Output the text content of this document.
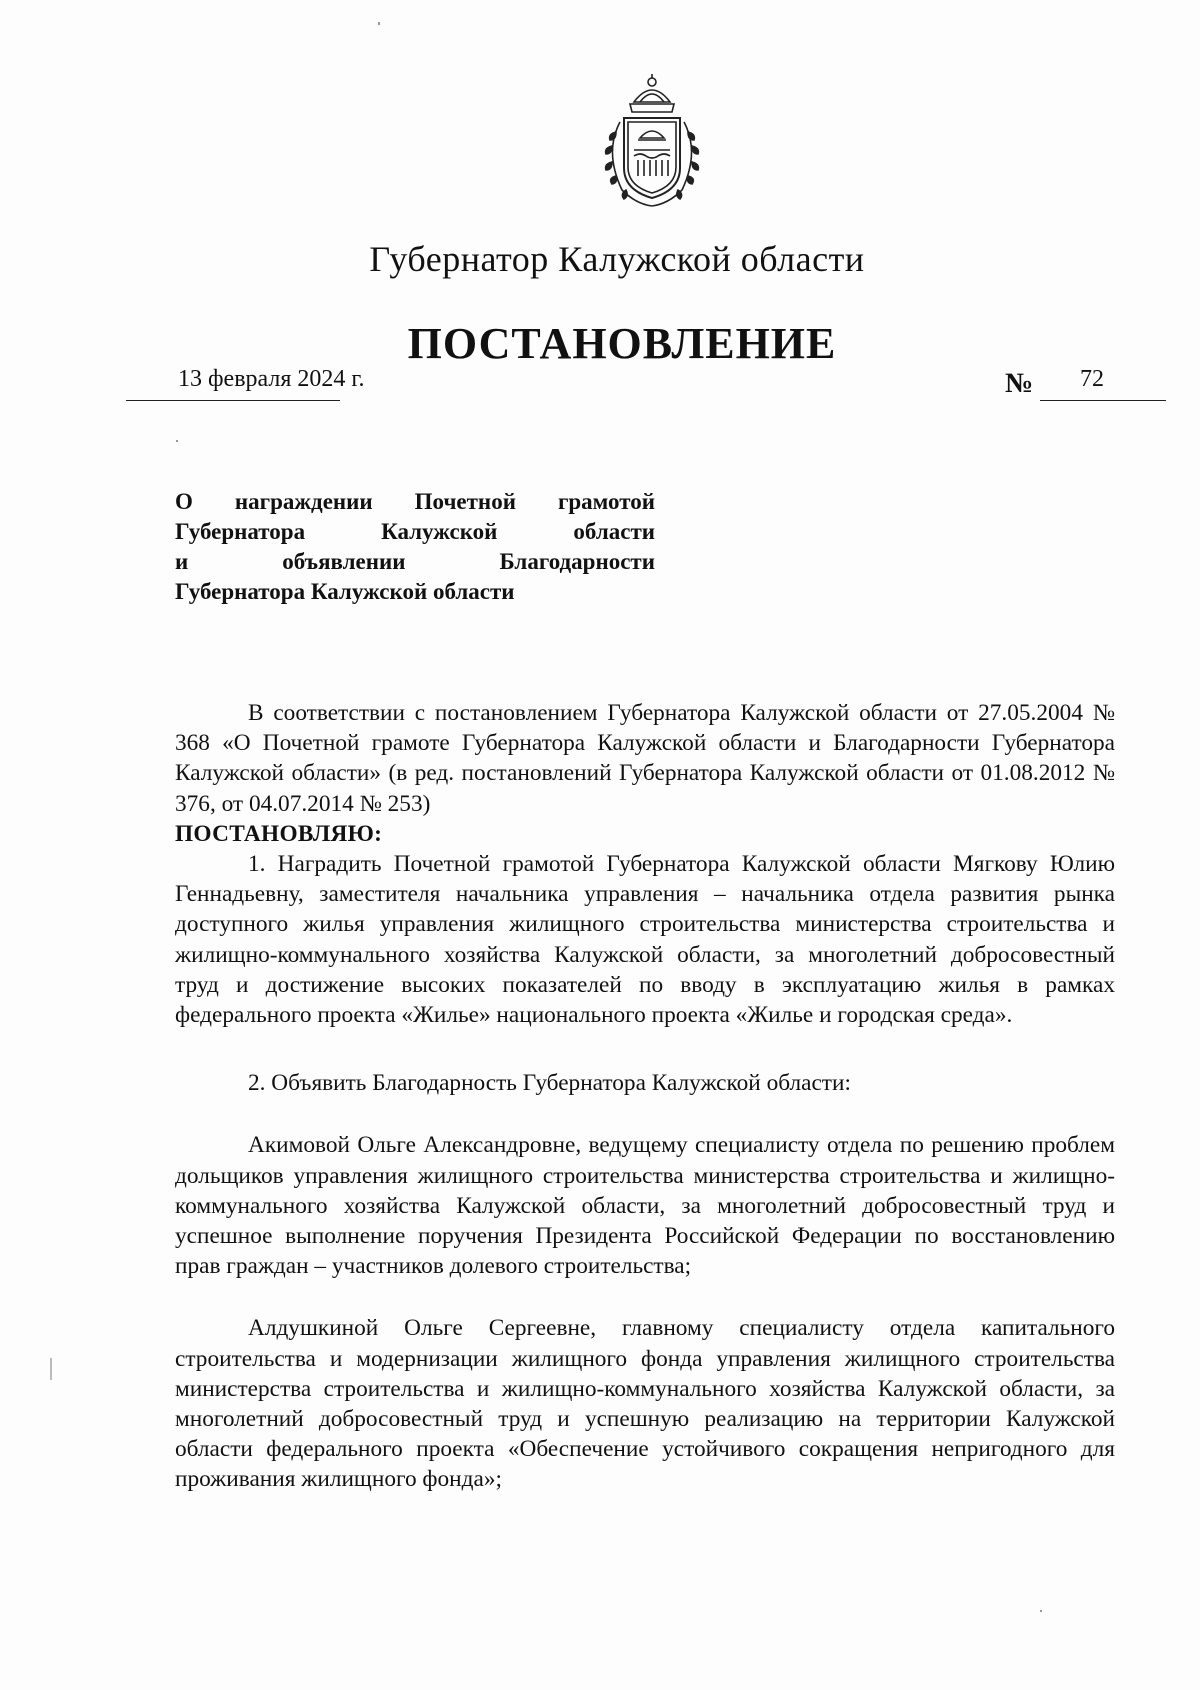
Губернатор Калужской области
ПОСТАНОВЛЕНИЕ
13 февраля 2024 г.	№ 72
О награждении Почетной грамотой
Губернатора Калужской области
и объявлении Благодарности
Губернатора Калужской области

В соответствии с постановлением Губернатора Калужской области от 27.05.2004 № 368 «О Почетной грамоте Губернатора Калужской области и Благодарности Губернатора Калужской области» (в ред. постановлений Губернатора Калужской области от 01.08.2012 № 376, от 04.07.2014 № 253)

ПОСТАНОВЛЯЮ:

1. Наградить Почетной грамотой Губернатора Калужской области Мягкову Юлию Геннадьевну, заместителя начальника управления – начальника отдела развития рынка доступного жилья управления жилищного строительства министерства строительства и жилищно-коммунального хозяйства Калужской области, за многолетний добросовестный труд и достижение высоких показателей по вводу в эксплуатацию жилья в рамках федерального проекта «Жилье» национального проекта «Жилье и городская среда».

2. Объявить Благодарность Губернатора Калужской области:

Акимовой Ольге Александровне, ведущему специалисту отдела по решению проблем дольщиков управления жилищного строительства министерства строительства и жилищно-коммунального хозяйства Калужской области, за многолетний добросовестный труд и успешное выполнение поручения Президента Российской Федерации по восстановлению прав граждан – участников долевого строительства;

Алдушкиной Ольге Сергеевне, главному специалисту отдела капитального строительства и модернизации жилищного фонда управления жилищного строительства министерства строительства и жилищно-коммунального хозяйства Калужской области, за многолетний добросовестный труд и успешную реализацию на территории Калужской области федерального проекта «Обеспечение устойчивого сокращения непригодного для проживания жилищного фонда»;
